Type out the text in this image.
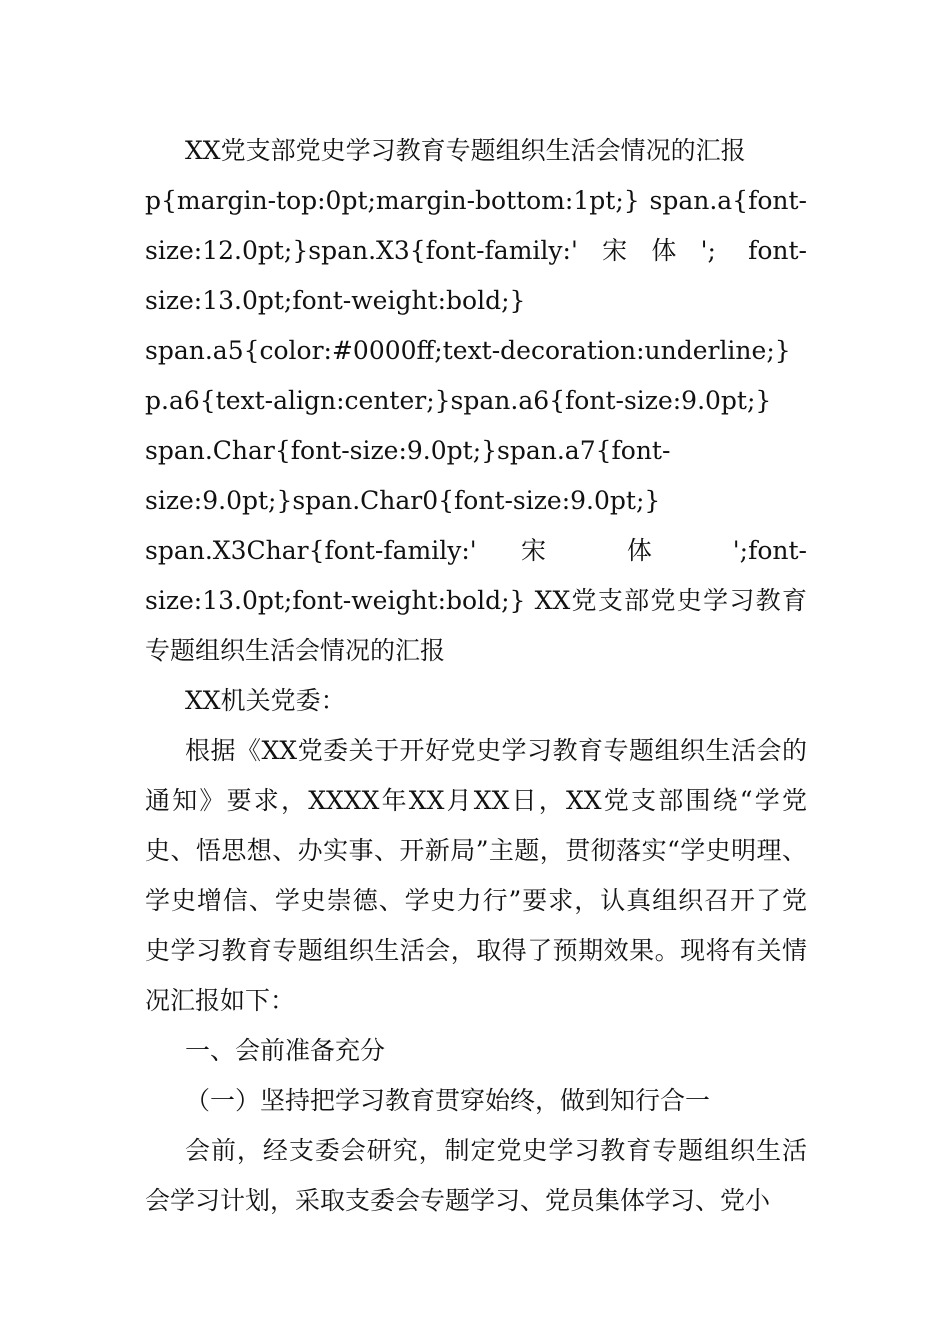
XX党支部党史学习教育专题组织生活会情况的汇报

p{margin-top:0pt;margin-bottom:1pt;} span.a{font-size:12.0pt;}span.X3{font-family:'宋体'; font-size:13.0pt;font-weight:bold;} span.a5{color:#0000ff;text-decoration:underline;} p.a6{text-align:center;}span.a6{font-size:9.0pt;} span.Char{font-size:9.0pt;}span.a7{font-size:9.0pt;}span.Char0{font-size:9.0pt;} span.X3Char{font-family:' 宋 体 ';font-size:13.0pt;font-weight:bold;} XX党支部党史学习教育专题组织生活会情况的汇报

XX机关党委：

根据《XX党委关于开好党史学习教育专题组织生活会的通知》要求，XXXX年XX月XX日，XX党支部围绕“学党史、悟思想、办实事、开新局”主题，贯彻落实“学史明理、学史增信、学史崇德、学史力行”要求，认真组织召开了党史学习教育专题组织生活会，取得了预期效果。现将有关情况汇报如下：

一、会前准备充分

（一）坚持把学习教育贯穿始终，做到知行合一

会前，经支委会研究，制定党史学习教育专题组织生活会学习计划，采取支委会专题学习、党员集体学习、党小
